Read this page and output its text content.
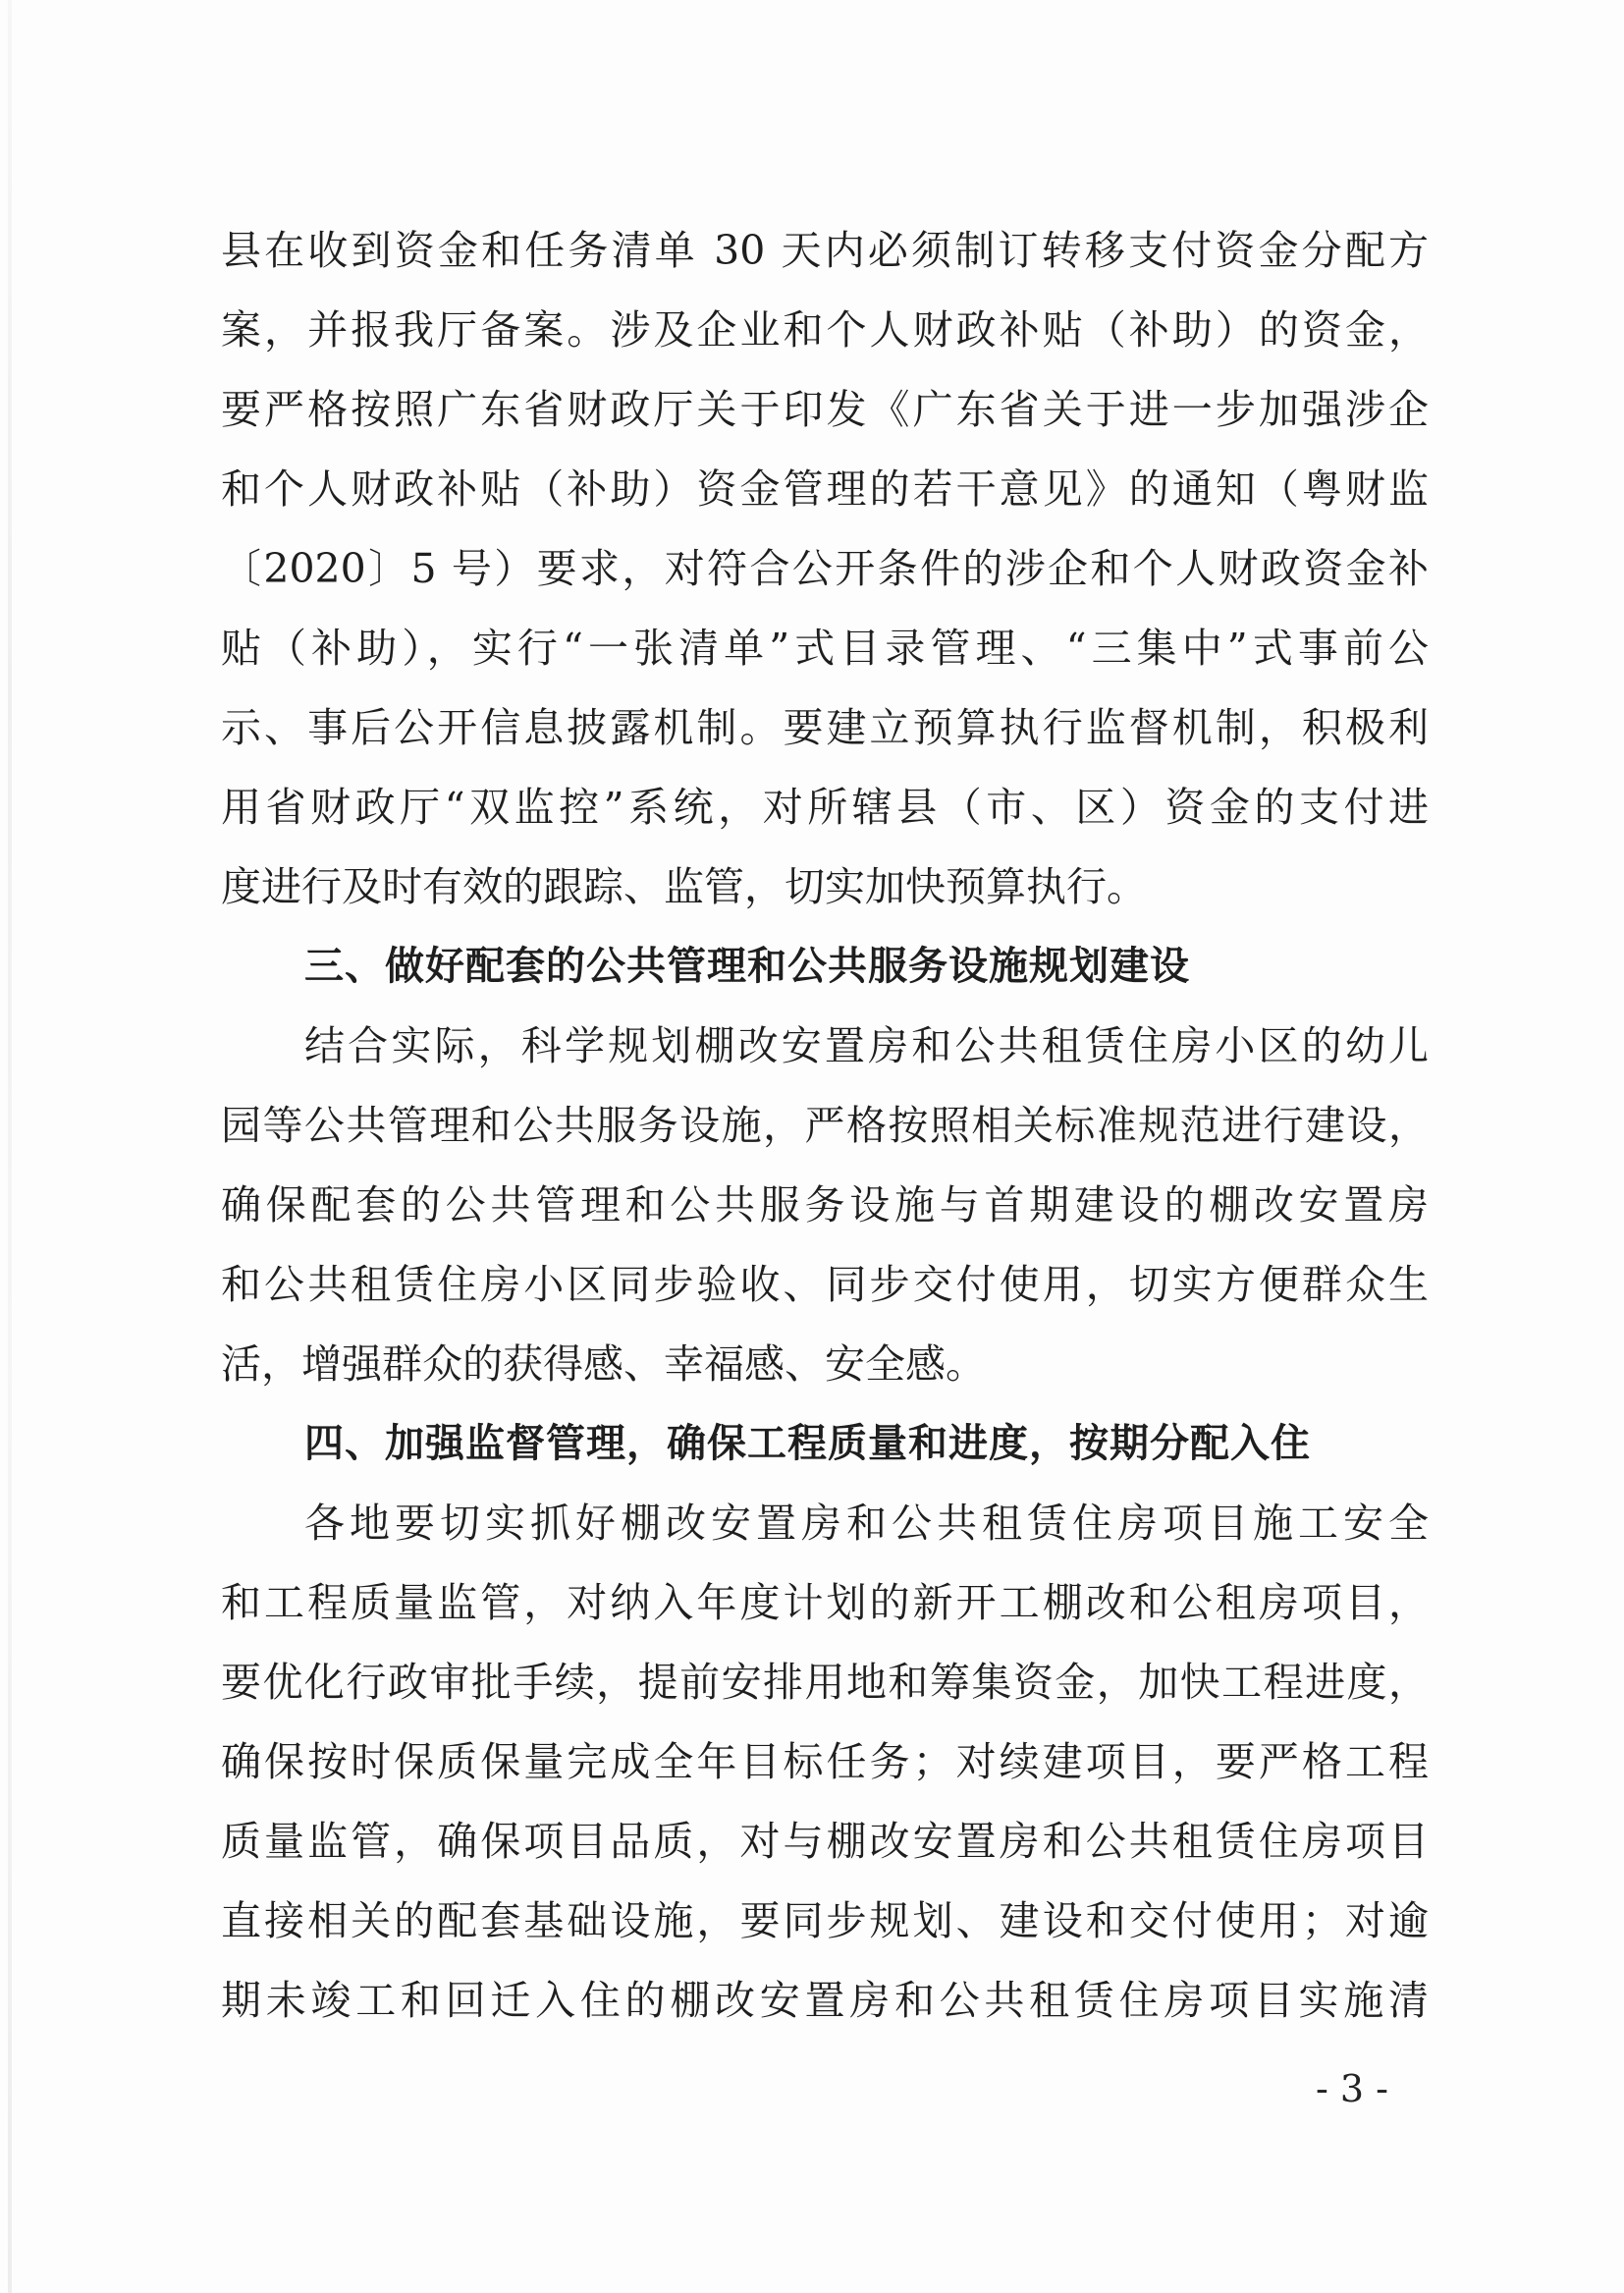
县在收到资金和任务清单 30 天内必须制订转移支付资金分配方
案，并报我厅备案。涉及企业和个人财政补贴（补助）的资金，
要严格按照广东省财政厅关于印发《广东省关于进一步加强涉企
和个人财政补贴（补助）资金管理的若干意见》的通知（粤财监
〔2020〕5 号）要求，对符合公开条件的涉企和个人财政资金补
贴（补助），实行“一张清单”式目录管理、“三集中”式事前公
示、事后公开信息披露机制。要建立预算执行监督机制，积极利
用省财政厅“双监控”系统，对所辖县（市、区）资金的支付进
度进行及时有效的跟踪、监管，切实加快预算执行。
三、做好配套的公共管理和公共服务设施规划建设
结合实际，科学规划棚改安置房和公共租赁住房小区的幼儿
园等公共管理和公共服务设施，严格按照相关标准规范进行建设，
确保配套的公共管理和公共服务设施与首期建设的棚改安置房
和公共租赁住房小区同步验收、同步交付使用，切实方便群众生
活，增强群众的获得感、幸福感、安全感。
四、加强监督管理，确保工程质量和进度，按期分配入住
各地要切实抓好棚改安置房和公共租赁住房项目施工安全
和工程质量监管，对纳入年度计划的新开工棚改和公租房项目，
要优化行政审批手续，提前安排用地和筹集资金，加快工程进度，
确保按时保质保量完成全年目标任务；对续建项目，要严格工程
质量监管，确保项目品质，对与棚改安置房和公共租赁住房项目
直接相关的配套基础设施，要同步规划、建设和交付使用；对逾
期未竣工和回迁入住的棚改安置房和公共租赁住房项目实施清
- 3 -
